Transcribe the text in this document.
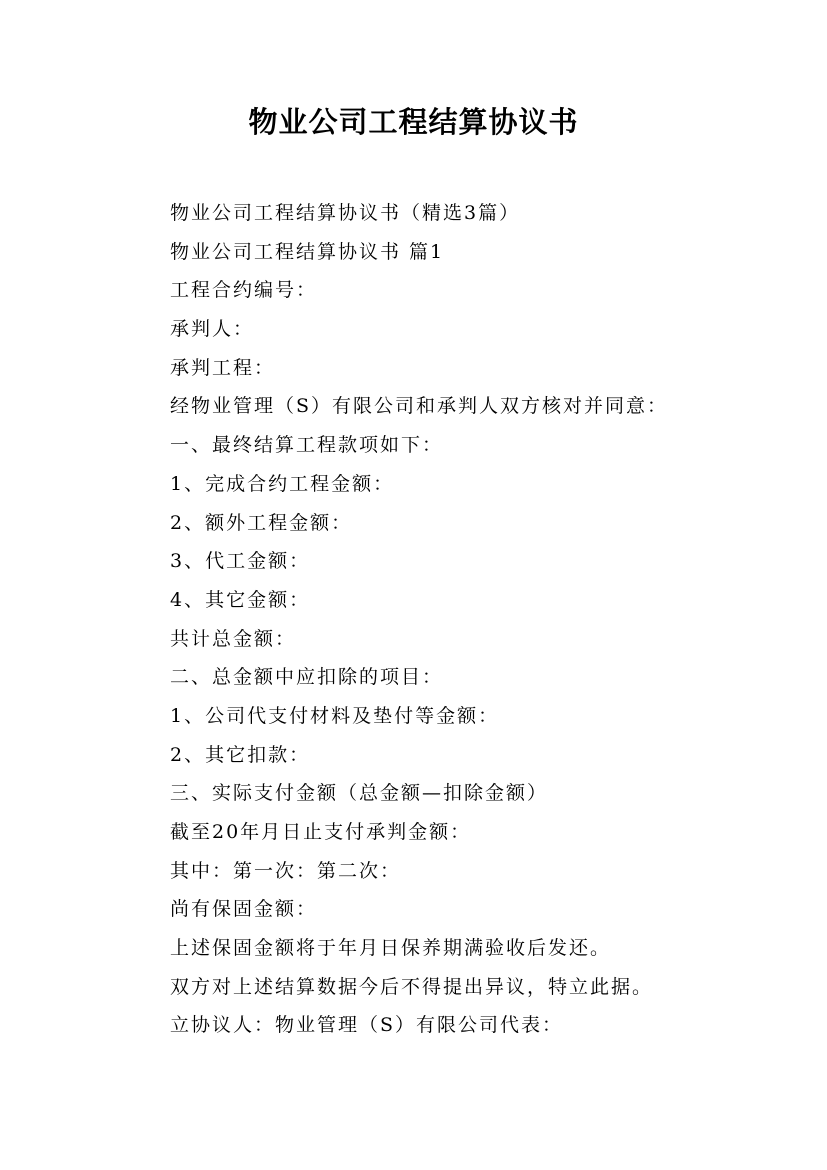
物业公司工程结算协议书
物业公司工程结算协议书（精选3篇）
物业公司工程结算协议书 篇1
工程合约编号：
承判人：
承判工程：
经物业管理（S）有限公司和承判人双方核对并同意：
一、最终结算工程款项如下：
1、完成合约工程金额：
2、额外工程金额：
3、代工金额：
4、其它金额：
共计总金额：
二、总金额中应扣除的项目：
1、公司代支付材料及垫付等金额：
2、其它扣款：
三、实际支付金额（总金额—扣除金额）
截至20年月日止支付承判金额：
其中：第一次：第二次：
尚有保固金额：
上述保固金额将于年月日保养期满验收后发还。
双方对上述结算数据今后不得提出异议，特立此据。
立协议人：物业管理（S）有限公司代表：
